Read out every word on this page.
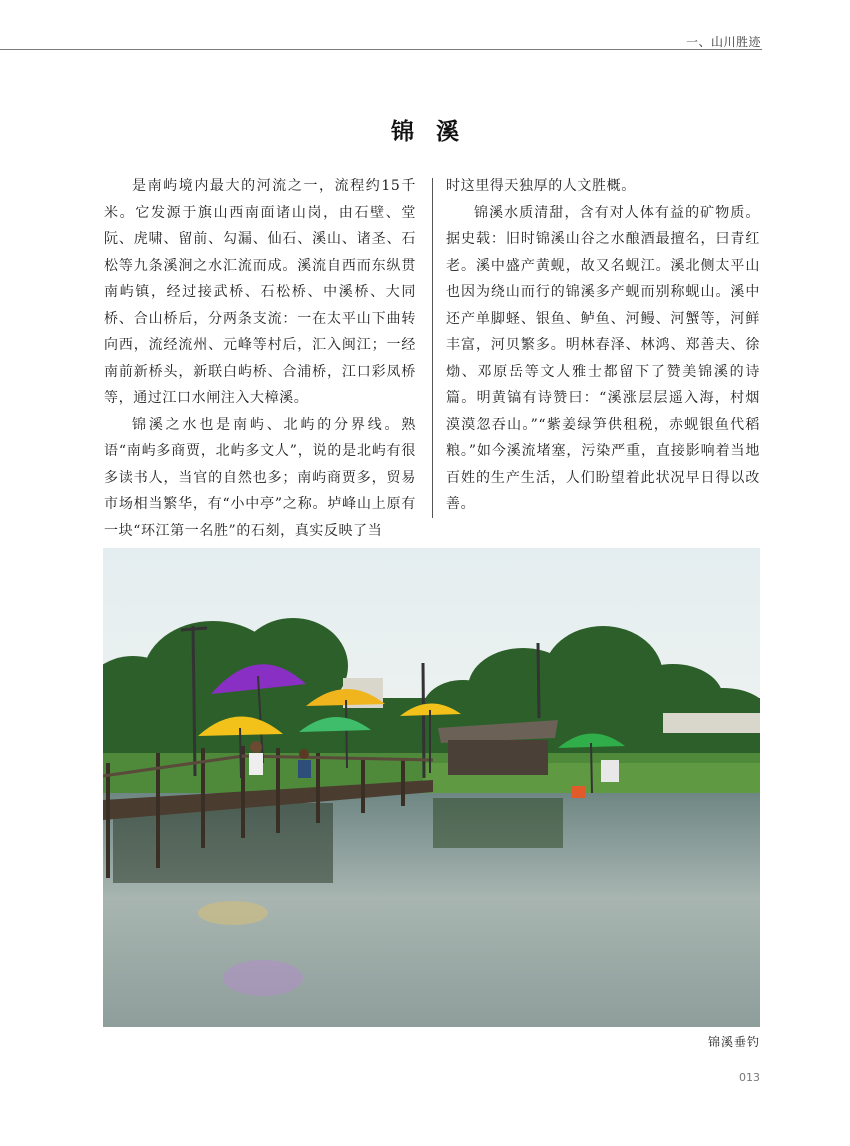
一、山川胜迹
锦溪

是南屿境内最大的河流之一，流程约15千米。它发源于旗山西南面诸山岗，由石壁、堂阮、虎啸、留前、勾漏、仙石、溪山、诸圣、石松等九条溪涧之水汇流而成。溪流自西而东纵贯南屿镇，经过接武桥、石松桥、中溪桥、大同桥、合山桥后，分两条支流：一在太平山下曲转向西，流经流州、元峰等村后，汇入闽江；一经南前新桥头，新联白屿桥、合浦桥，江口彩凤桥等，通过江口水闸注入大樟溪。

锦溪之水也是南屿、北屿的分界线。熟语“南屿多商贾，北屿多文人”，说的是北屿有很多读书人，当官的自然也多；南屿商贾多，贸易市场相当繁华，有“小中亭”之称。垆峰山上原有一块“环江第一名胜”的石刻，真实反映了当

时这里得天独厚的人文胜概。

锦溪水质清甜，含有对人体有益的矿物质。据史载：旧时锦溪山谷之水酿酒最擅名，曰青红老。溪中盛产黄蚬，故又名蚬江。溪北侧太平山也因为绕山而行的锦溪多产蚬而别称蚬山。溪中还产单脚蛏、银鱼、鲈鱼、河鳗、河蟹等，河鲜丰富，河贝繁多。明林春泽、林鸿、郑善夫、徐𤊹、邓原岳等文人雅士都留下了赞美锦溪的诗篇。明黄镐有诗赞曰：“溪涨层层遥入海，村烟漠漠忽吞山。”“紫姜绿笋供租税，赤蚬银鱼代稻粮。”如今溪流堵塞，污染严重，直接影响着当地百姓的生产生活，人们盼望着此状况早日得以改善。

锦溪垂钓
013
